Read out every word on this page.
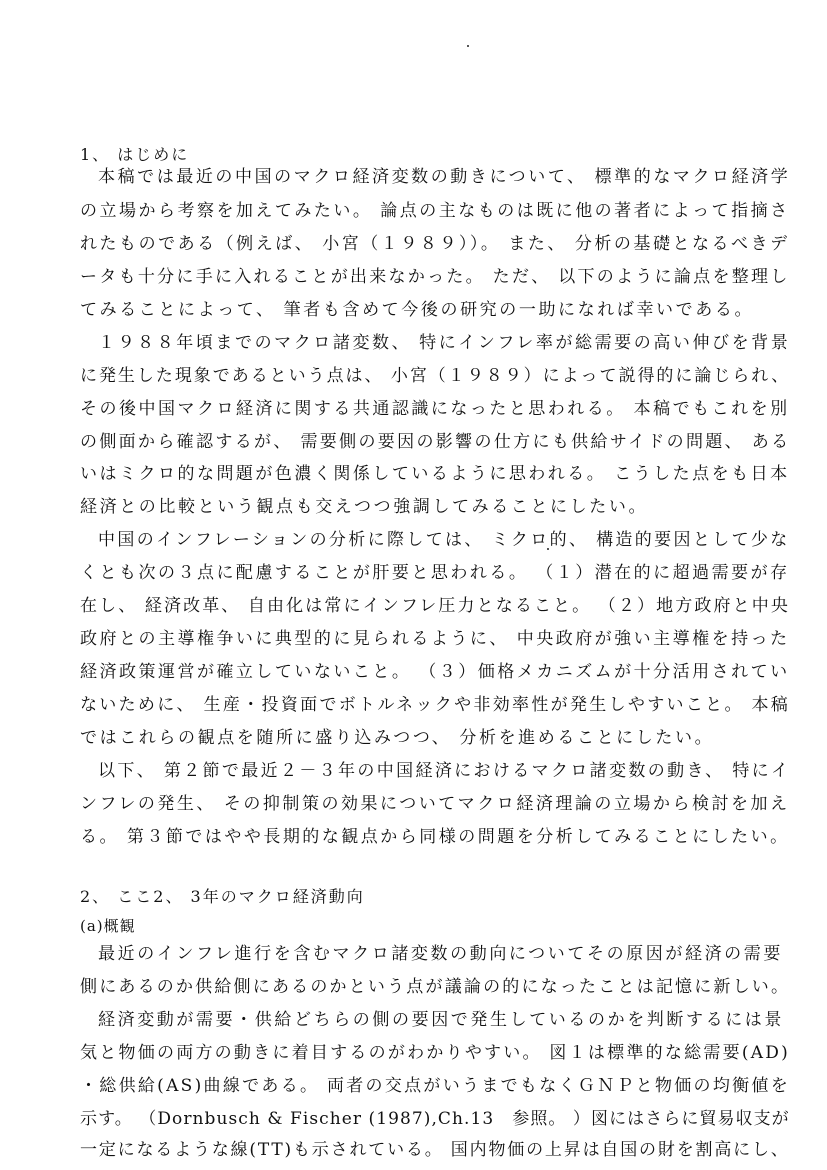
1、 はじめに
本稿では最近の中国のマクロ経済変数の動きについて、 標準的なマクロ経済学
の立場から考察を加えてみたい。 論点の主なものは既に他の著者によって指摘さ
れたものである（例えば、 小宮（１９８９））。 また、 分析の基礎となるべきデ
ータも十分に手に入れることが出来なかった。 ただ、 以下のように論点を整理し
てみることによって、 筆者も含めて今後の研究の一助になれば幸いである。
１９８８年頃までのマクロ諸変数、 特にインフレ率が総需要の高い伸びを背景
に発生した現象であるという点は、 小宮（１９８９）によって説得的に論じられ、
その後中国マクロ経済に関する共通認識になったと思われる。 本稿でもこれを別
の側面から確認するが、 需要側の要因の影響の仕方にも供給サイドの問題、 ある
いはミクロ的な問題が色濃く関係しているように思われる。 こうした点をも日本
経済との比較という観点も交えつつ強調してみることにしたい。
中国のインフレーションの分析に際しては、 ミクロ的、 構造的要因として少な
くとも次の３点に配慮することが肝要と思われる。 （１）潜在的に超過需要が存
在し、 経済改革、 自由化は常にインフレ圧力となること。 （２）地方政府と中央
政府との主導権争いに典型的に見られるように、 中央政府が強い主導権を持った
経済政策運営が確立していないこと。 （３）価格メカニズムが十分活用されてい
ないために、 生産・投資面でボトルネックや非効率性が発生しやすいこと。 本稿
ではこれらの観点を随所に盛り込みつつ、 分析を進めることにしたい。
以下、 第２節で最近２－３年の中国経済におけるマクロ諸変数の動き、 特にイ
ンフレの発生、 その抑制策の効果についてマクロ経済理論の立場から検討を加え
る。 第３節ではやや長期的な観点から同様の問題を分析してみることにしたい。
2、 ここ2、 3年のマクロ経済動向
(a)概観
最近のインフレ進行を含むマクロ諸変数の動向についてその原因が経済の需要
側にあるのか供給側にあるのかという点が議論の的になったことは記憶に新しい。
経済変動が需要・供給どちらの側の要因で発生しているのかを判断するには景
気と物価の両方の動きに着目するのがわかりやすい。 図１は標準的な総需要(AD)
・総供給(AS)曲線である。 両者の交点がいうまでもなくＧＮＰと物価の均衡値を
示す。 （Dornbusch & Fischer (1987),Ch.13　参照。 ）図にはさらに貿易収支が
一定になるような線(TT)も示されている。 国内物価の上昇は自国の財を割高にし、
